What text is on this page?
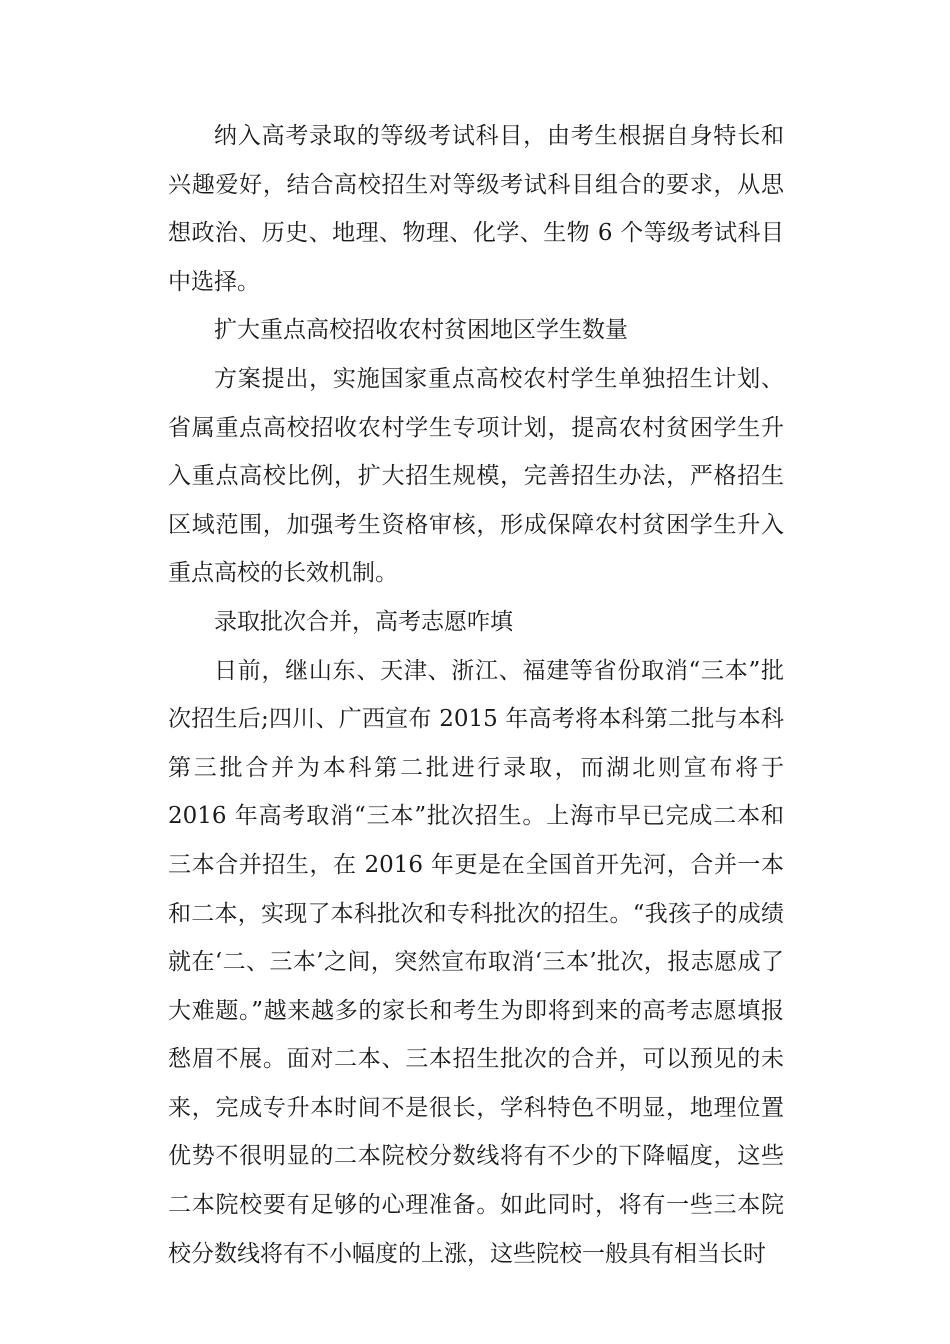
纳入高考录取的等级考试科目，由考生根据自身特长和兴趣爱好，结合高校招生对等级考试科目组合的要求，从思想政治、历史、地理、物理、化学、生物 6 个等级考试科目中选择。

扩大重点高校招收农村贫困地区学生数量

方案提出，实施国家重点高校农村学生单独招生计划、省属重点高校招收农村学生专项计划，提高农村贫困学生升入重点高校比例，扩大招生规模，完善招生办法，严格招生区域范围，加强考生资格审核，形成保障农村贫困学生升入重点高校的长效机制。

录取批次合并，高考志愿咋填

日前，继山东、天津、浙江、福建等省份取消“三本”批次招生后;四川、广西宣布 2015 年高考将本科第二批与本科第三批合并为本科第二批进行录取，而湖北则宣布将于 2016 年高考取消“三本”批次招生。上海市早已完成二本和三本合并招生，在 2016 年更是在全国首开先河，合并一本和二本，实现了本科批次和专科批次的招生。“我孩子的成绩就在‘二、三本’之间，突然宣布取消‘三本’批次，报志愿成了大难题。”越来越多的家长和考生为即将到来的高考志愿填报愁眉不展。面对二本、三本招生批次的合并，可以预见的未来，完成专升本时间不是很长，学科特色不明显，地理位置优势不很明显的二本院校分数线将有不少的下降幅度，这些二本院校要有足够的心理准备。如此同时，将有一些三本院校分数线将有不小幅度的上涨，这些院校一般具有相当长时
